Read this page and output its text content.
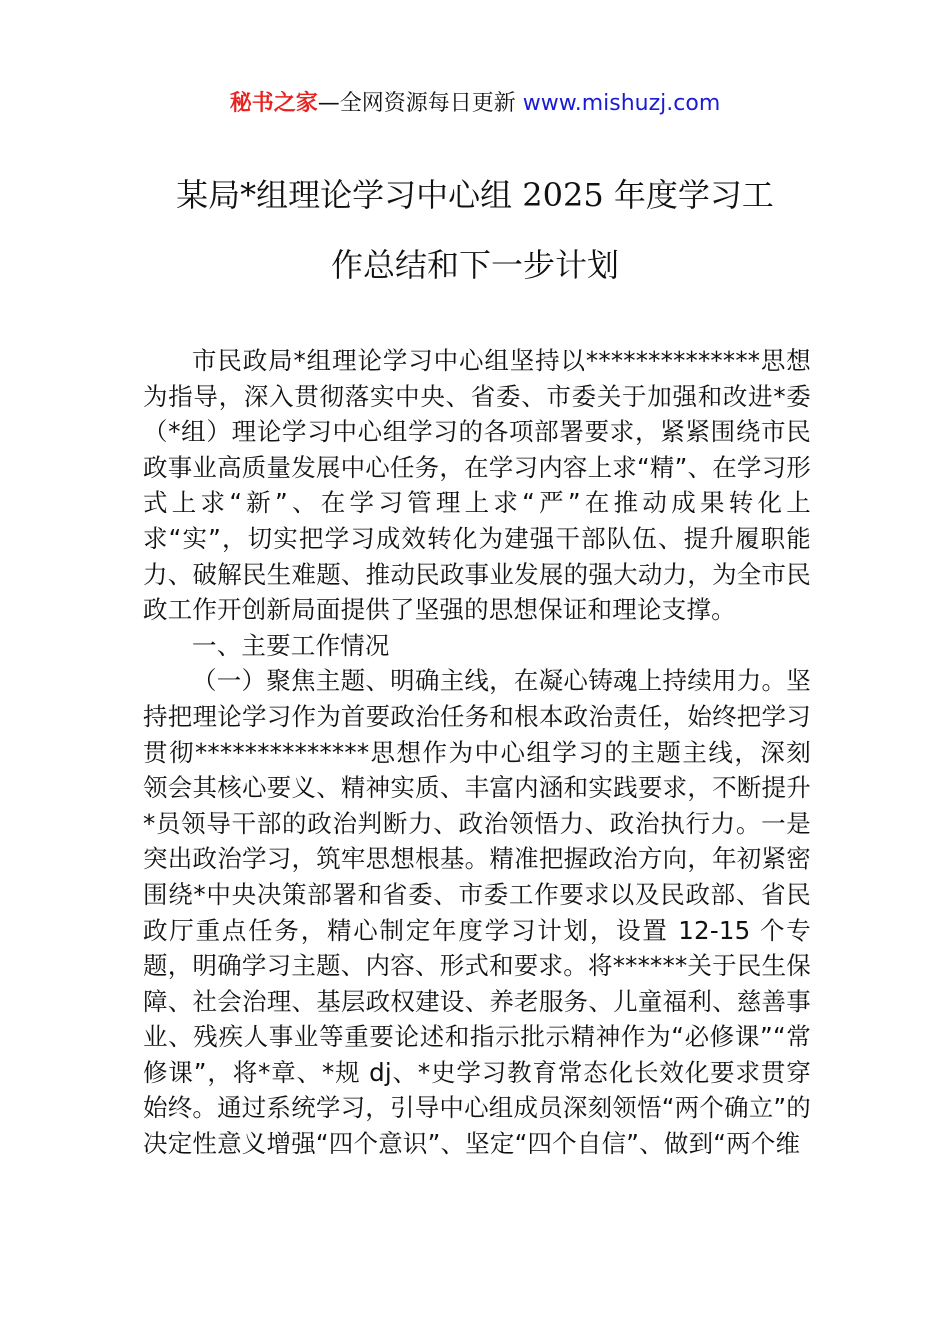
秘书之家—全网资源每日更新 www.mishuzj.com
某局*组理论学习中心组 2025 年度学习工
作总结和下一步计划

市民政局*组理论学习中心组坚持以**************思想为指导，深入贯彻落实中央、省委、市委关于加强和改进*委（*组）理论学习中心组学习的各项部署要求，紧紧围绕市民政事业高质量发展中心任务，在学习内容上求“精”、在学习形式上求“新”、在学习管理上求“严”在推动成果转化上求“实”，切实把学习成效转化为建强干部队伍、提升履职能力、破解民生难题、推动民政事业发展的强大动力，为全市民政工作开创新局面提供了坚强的思想保证和理论支撑。

一、主要工作情况

（一）聚焦主题、明确主线，在凝心铸魂上持续用力。坚持把理论学习作为首要政治任务和根本政治责任，始终把学习贯彻**************思想作为中心组学习的主题主线，深刻领会其核心要义、精神实质、丰富内涵和实践要求，不断提升*员领导干部的政治判断力、政治领悟力、政治执行力。一是突出政治学习，筑牢思想根基。精准把握政治方向，年初紧密围绕*中央决策部署和省委、市委工作要求以及民政部、省民政厅重点任务，精心制定年度学习计划，设置 12-15 个专题，明确学习主题、内容、形式和要求。将******关于民生保障、社会治理、基层政权建设、养老服务、儿童福利、慈善事业、残疾人事业等重要论述和指示批示精神作为“必修课”“常修课”，将*章、*规 dj、*史学习教育常态化长效化要求贯穿始终。通过系统学习，引导中心组成员深刻领悟“两个确立”的决定性意义增强“四个意识”、坚定“四个自信”、做到“两个维
